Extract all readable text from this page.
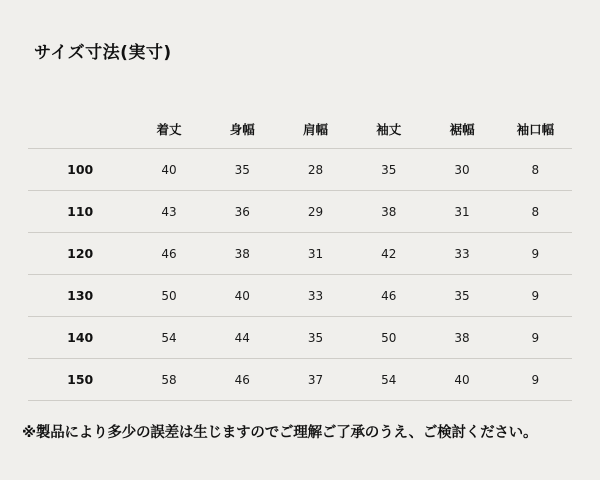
サイズ寸法(実寸)
	着丈	身幅	肩幅	袖丈	裾幅	袖口幅
100	40	35	28	35	30	8
110	43	36	29	38	31	8
120	46	38	31	42	33	9
130	50	40	33	46	35	9
140	54	44	35	50	38	9
150	58	46	37	54	40	9
※製品により多少の誤差は生じますのでご理解ご了承のうえ、ご検討ください。
